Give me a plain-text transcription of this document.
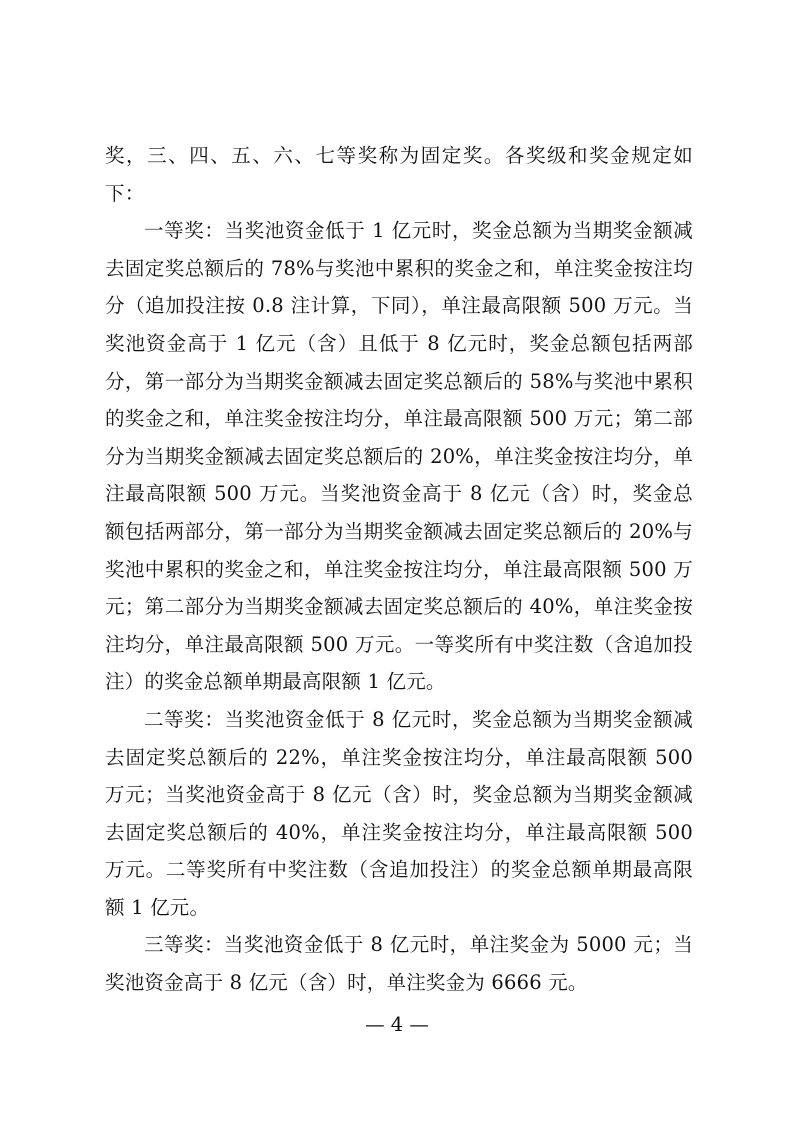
奖，三、四、五、六、七等奖称为固定奖。各奖级和奖金规定如下：

一等奖：当奖池资金低于 1 亿元时，奖金总额为当期奖金额减去固定奖总额后的 78%与奖池中累积的奖金之和，单注奖金按注均分（追加投注按 0.8 注计算，下同），单注最高限额 500 万元。当奖池资金高于 1 亿元（含）且低于 8 亿元时，奖金总额包括两部分，第一部分为当期奖金额减去固定奖总额后的 58%与奖池中累积的奖金之和，单注奖金按注均分，单注最高限额 500 万元；第二部分为当期奖金额减去固定奖总额后的 20%，单注奖金按注均分，单注最高限额 500 万元。当奖池资金高于 8 亿元（含）时，奖金总额包括两部分，第一部分为当期奖金额减去固定奖总额后的 20%与奖池中累积的奖金之和，单注奖金按注均分，单注最高限额 500 万元；第二部分为当期奖金额减去固定奖总额后的 40%，单注奖金按注均分，单注最高限额 500 万元。一等奖所有中奖注数（含追加投注）的奖金总额单期最高限额 1 亿元。

二等奖：当奖池资金低于 8 亿元时，奖金总额为当期奖金额减去固定奖总额后的 22%，单注奖金按注均分，单注最高限额 500 万元；当奖池资金高于 8 亿元（含）时，奖金总额为当期奖金额减去固定奖总额后的 40%，单注奖金按注均分，单注最高限额 500 万元。二等奖所有中奖注数（含追加投注）的奖金总额单期最高限额 1 亿元。

三等奖：当奖池资金低于 8 亿元时，单注奖金为 5000 元；当奖池资金高于 8 亿元（含）时，单注奖金为 6666 元。

— 4 —
